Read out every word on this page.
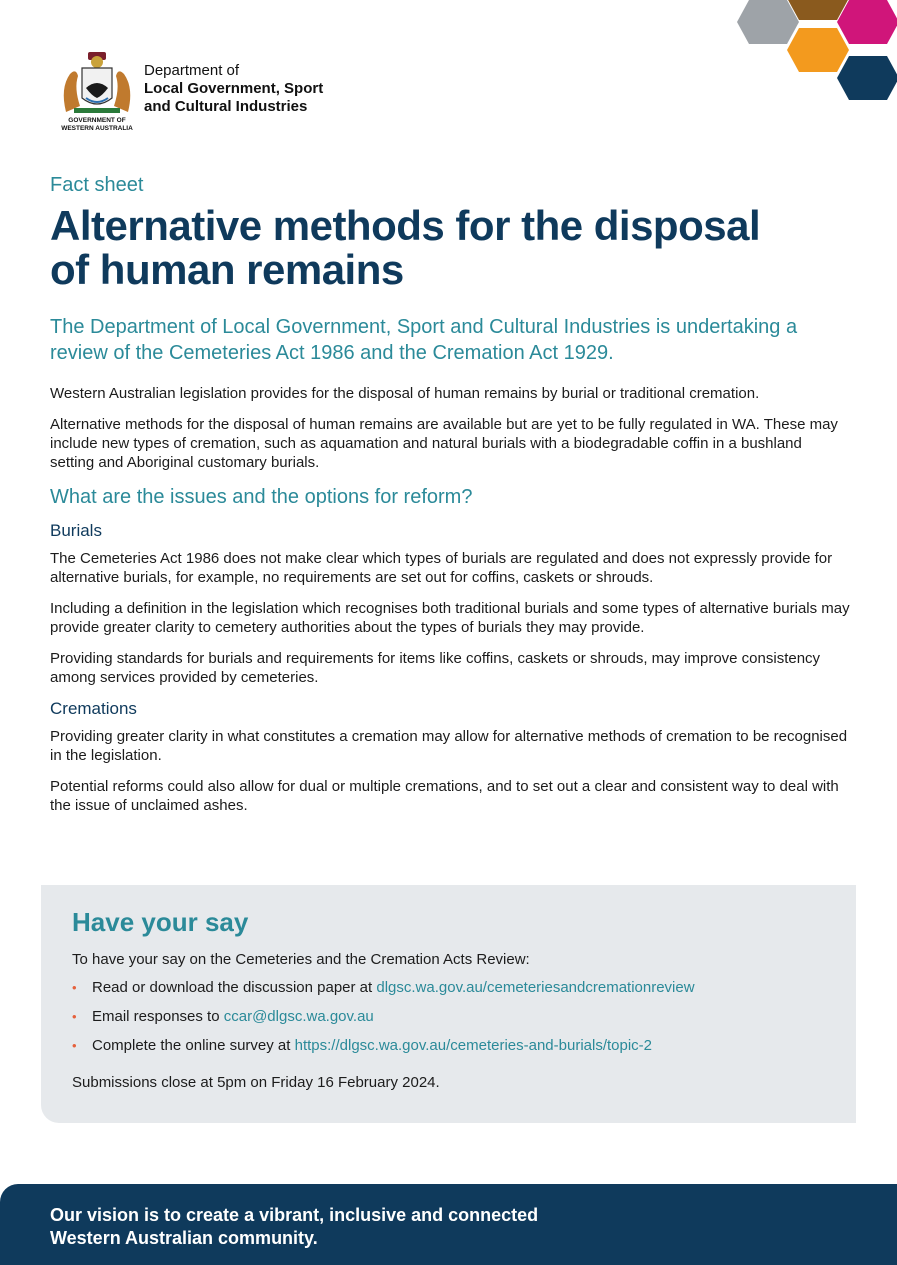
GOVERNMENT OF
WESTERN AUSTRALIA
Department of
Local Government, Sport
and Cultural Industries
Fact sheet
Alternative methods for the disposal of human remains

The Department of Local Government, Sport and Cultural Industries is undertaking a review of the Cemeteries Act 1986 and the Cremation Act 1929.

Western Australian legislation provides for the disposal of human remains by burial or traditional cremation.

Alternative methods for the disposal of human remains are available but are yet to be fully regulated in WA. These may include new types of cremation, such as aquamation and natural burials with a biodegradable coffin in a bushland setting and Aboriginal customary burials.

What are the issues and the options for reform?
Burials

The Cemeteries Act 1986 does not make clear which types of burials are regulated and does not expressly provide for alternative burials, for example, no requirements are set out for coffins, caskets or shrouds.

Including a definition in the legislation which recognises both traditional burials and some types of alternative burials may provide greater clarity to cemetery authorities about the types of burials they may provide.

Providing standards for burials and requirements for items like coffins, caskets or shrouds, may improve consistency among services provided by cemeteries.

Cremations

Providing greater clarity in what constitutes a cremation may allow for alternative methods of cremation to be recognised in the legislation.

Potential reforms could also allow for dual or multiple cremations, and to set out a clear and consistent way to deal with the issue of unclaimed ashes.

Have your say
To have your say on the Cemeteries and the Cremation Acts Review:
• Read or download the discussion paper at dlgsc.wa.gov.au/cemeteriesandcremationreview
• Email responses to ccar@dlgsc.wa.gov.au
• Complete the online survey at https://dlgsc.wa.gov.au/cemeteries-and-burials/topic-2
Submissions close at 5pm on Friday 16 February 2024.

Our vision is to create a vibrant, inclusive and connected
Western Australian community.
